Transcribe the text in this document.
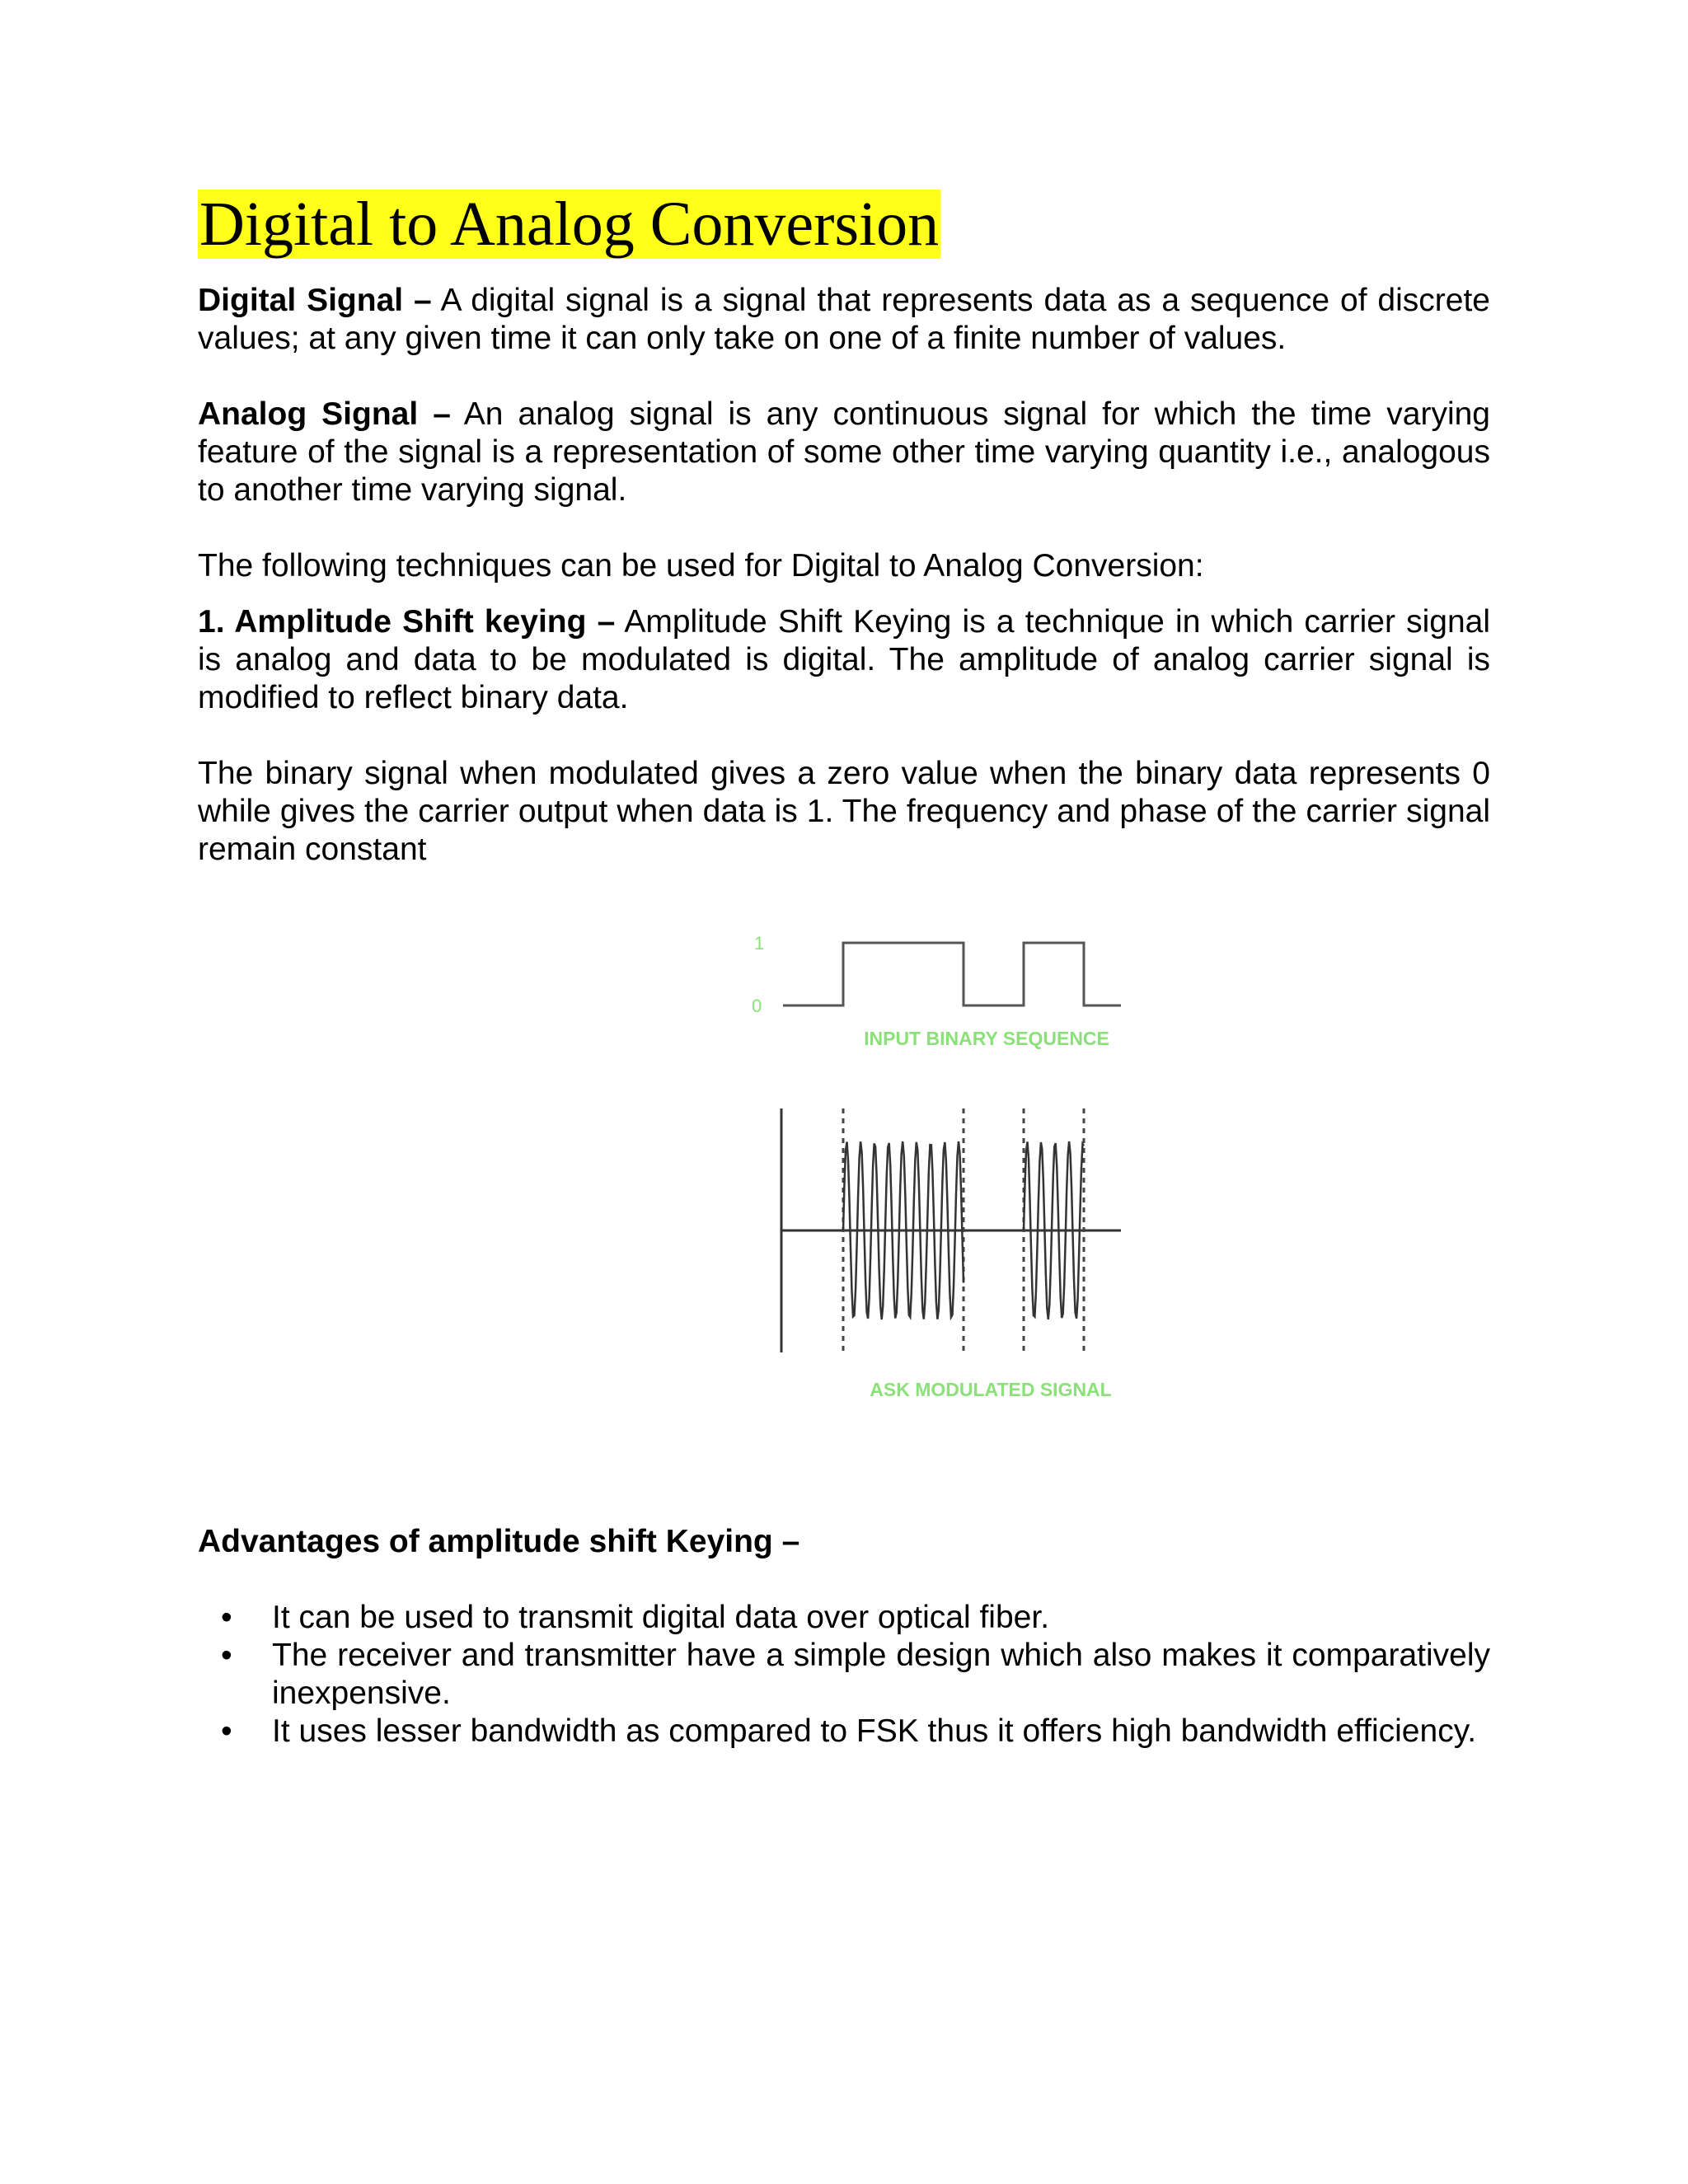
Digital to Analog Conversion

Digital Signal – A digital signal is a signal that represents data as a sequence of discrete values; at any given time it can only take on one of a finite number of values.

Analog Signal – An analog signal is any continuous signal for which the time varying feature of the signal is a representation of some other time varying quantity i.e., analogous to another time varying signal.

The following techniques can be used for Digital to Analog Conversion:

1. Amplitude Shift keying – Amplitude Shift Keying is a technique in which carrier signal is analog and data to be modulated is digital. The amplitude of analog carrier signal is modified to reflect binary data.

The binary signal when modulated gives a zero value when the binary data represents 0 while gives the carrier output when data is 1. The frequency and phase of the carrier signal remain constant

1
0
INPUT BINARY SEQUENCE
ASK MODULATED SIGNAL

Advantages of amplitude shift Keying –

• It can be used to transmit digital data over optical fiber.
• The receiver and transmitter have a simple design which also makes it comparatively inexpensive.
• It uses lesser bandwidth as compared to FSK thus it offers high bandwidth efficiency.
